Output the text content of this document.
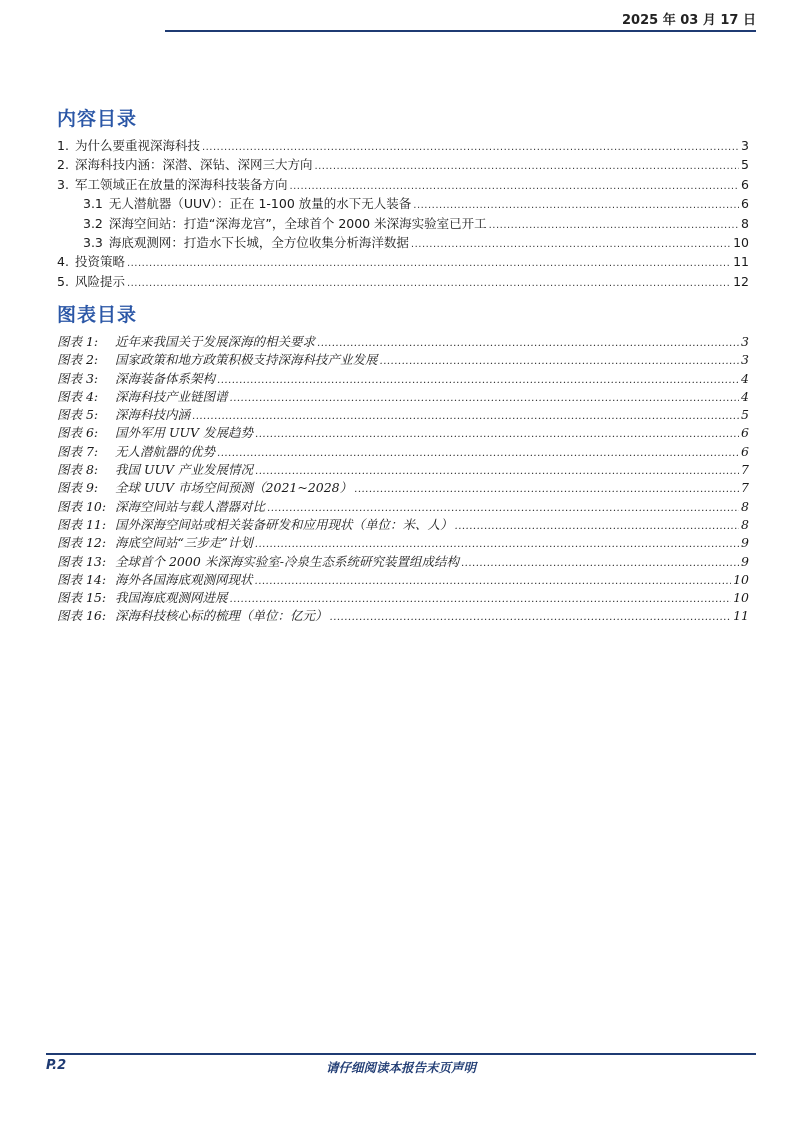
2025 年 03 月 17 日
内容目录
1. 为什么要重视深海科技 .....	3
2. 深海科技内涵：深潜、深钻、深网三大方向 .....	5
3. 军工领域正在放量的深海科技装备方向 .....	6
3.1 无人潜航器（UUV）：正在 1-100 放量的水下无人装备 .....	6
3.2 深海空间站：打造“深海龙宫”，全球首个 2000 米深海实验室已开工 .....	8
3.3 海底观测网：打造水下长城，全方位收集分析海洋数据 .....	10
4. 投资策略 .....	11
5. 风险提示 .....	12
图表目录
图表 1:	近年来我国关于发展深海的相关要求 .....	3
图表 2:	国家政策和地方政策积极支持深海科技产业发展 .....	3
图表 3:	深海装备体系架构 .....	4
图表 4:	深海科技产业链图谱 .....	4
图表 5:	深海科技内涵 .....	5
图表 6:	国外军用 UUV 发展趋势 .....	6
图表 7:	无人潜航器的优势 .....	6
图表 8:	我国 UUV 产业发展情况 .....	7
图表 9:	全球 UUV 市场空间预测（2021~2028） .....	7
图表 10: 深海空间站与载人潜器对比 .....	8
图表 11: 国外深海空间站或相关装备研发和应用现状（单位：米、人） .....	8
图表 12: 海底空间站“三步走”计划 .....	9
图表 13: 全球首个 2000 米深海实验室-冷泉生态系统研究装置组成结构 .....	9
图表 14: 海外各国海底观测网现状 .....	10
图表 15: 我国海底观测网进展 .....	10
图表 16: 深海科技核心标的梳理（单位：亿元） .....	11
P.2	请仔细阅读本报告末页声明
